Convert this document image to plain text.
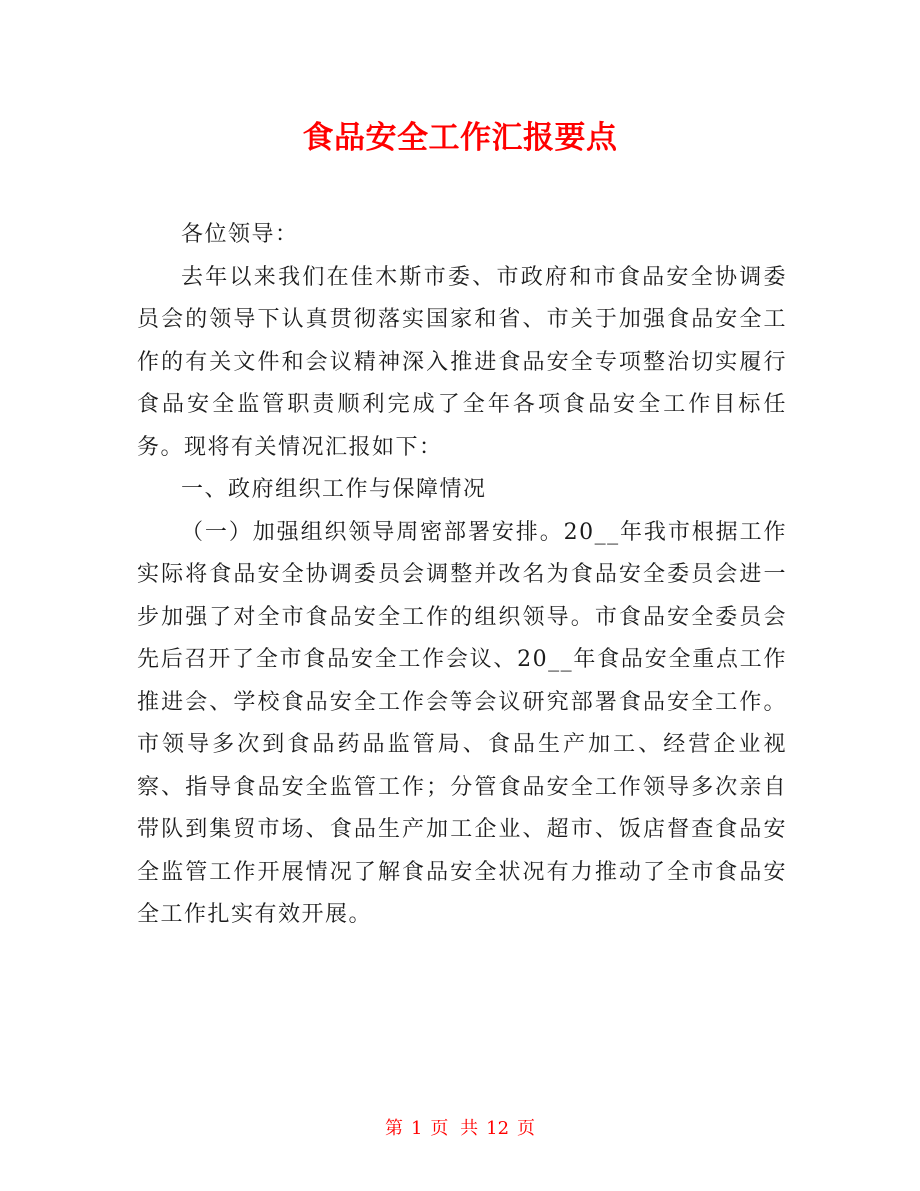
食品安全工作汇报要点

各位领导：

去年以来我们在佳木斯市委、市政府和市食品安全协调委员会的领导下认真贯彻落实国家和省、市关于加强食品安全工作的有关文件和会议精神深入推进食品安全专项整治切实履行食品安全监管职责顺利完成了全年各项食品安全工作目标任务。现将有关情况汇报如下：

一、政府组织工作与保障情况

（一）加强组织领导周密部署安排。20__年我市根据工作实际将食品安全协调委员会调整并改名为食品安全委员会进一步加强了对全市食品安全工作的组织领导。市食品安全委员会先后召开了全市食品安全工作会议、20__年食品安全重点工作推进会、学校食品安全工作会等会议研究部署食品安全工作。市领导多次到食品药品监管局、食品生产加工、经营企业视察、指导食品安全监管工作；分管食品安全工作领导多次亲自带队到集贸市场、食品生产加工企业、超市、饭店督查食品安全监管工作开展情况了解食品安全状况有力推动了全市食品安全工作扎实有效开展。

第 1 页 共 12 页
